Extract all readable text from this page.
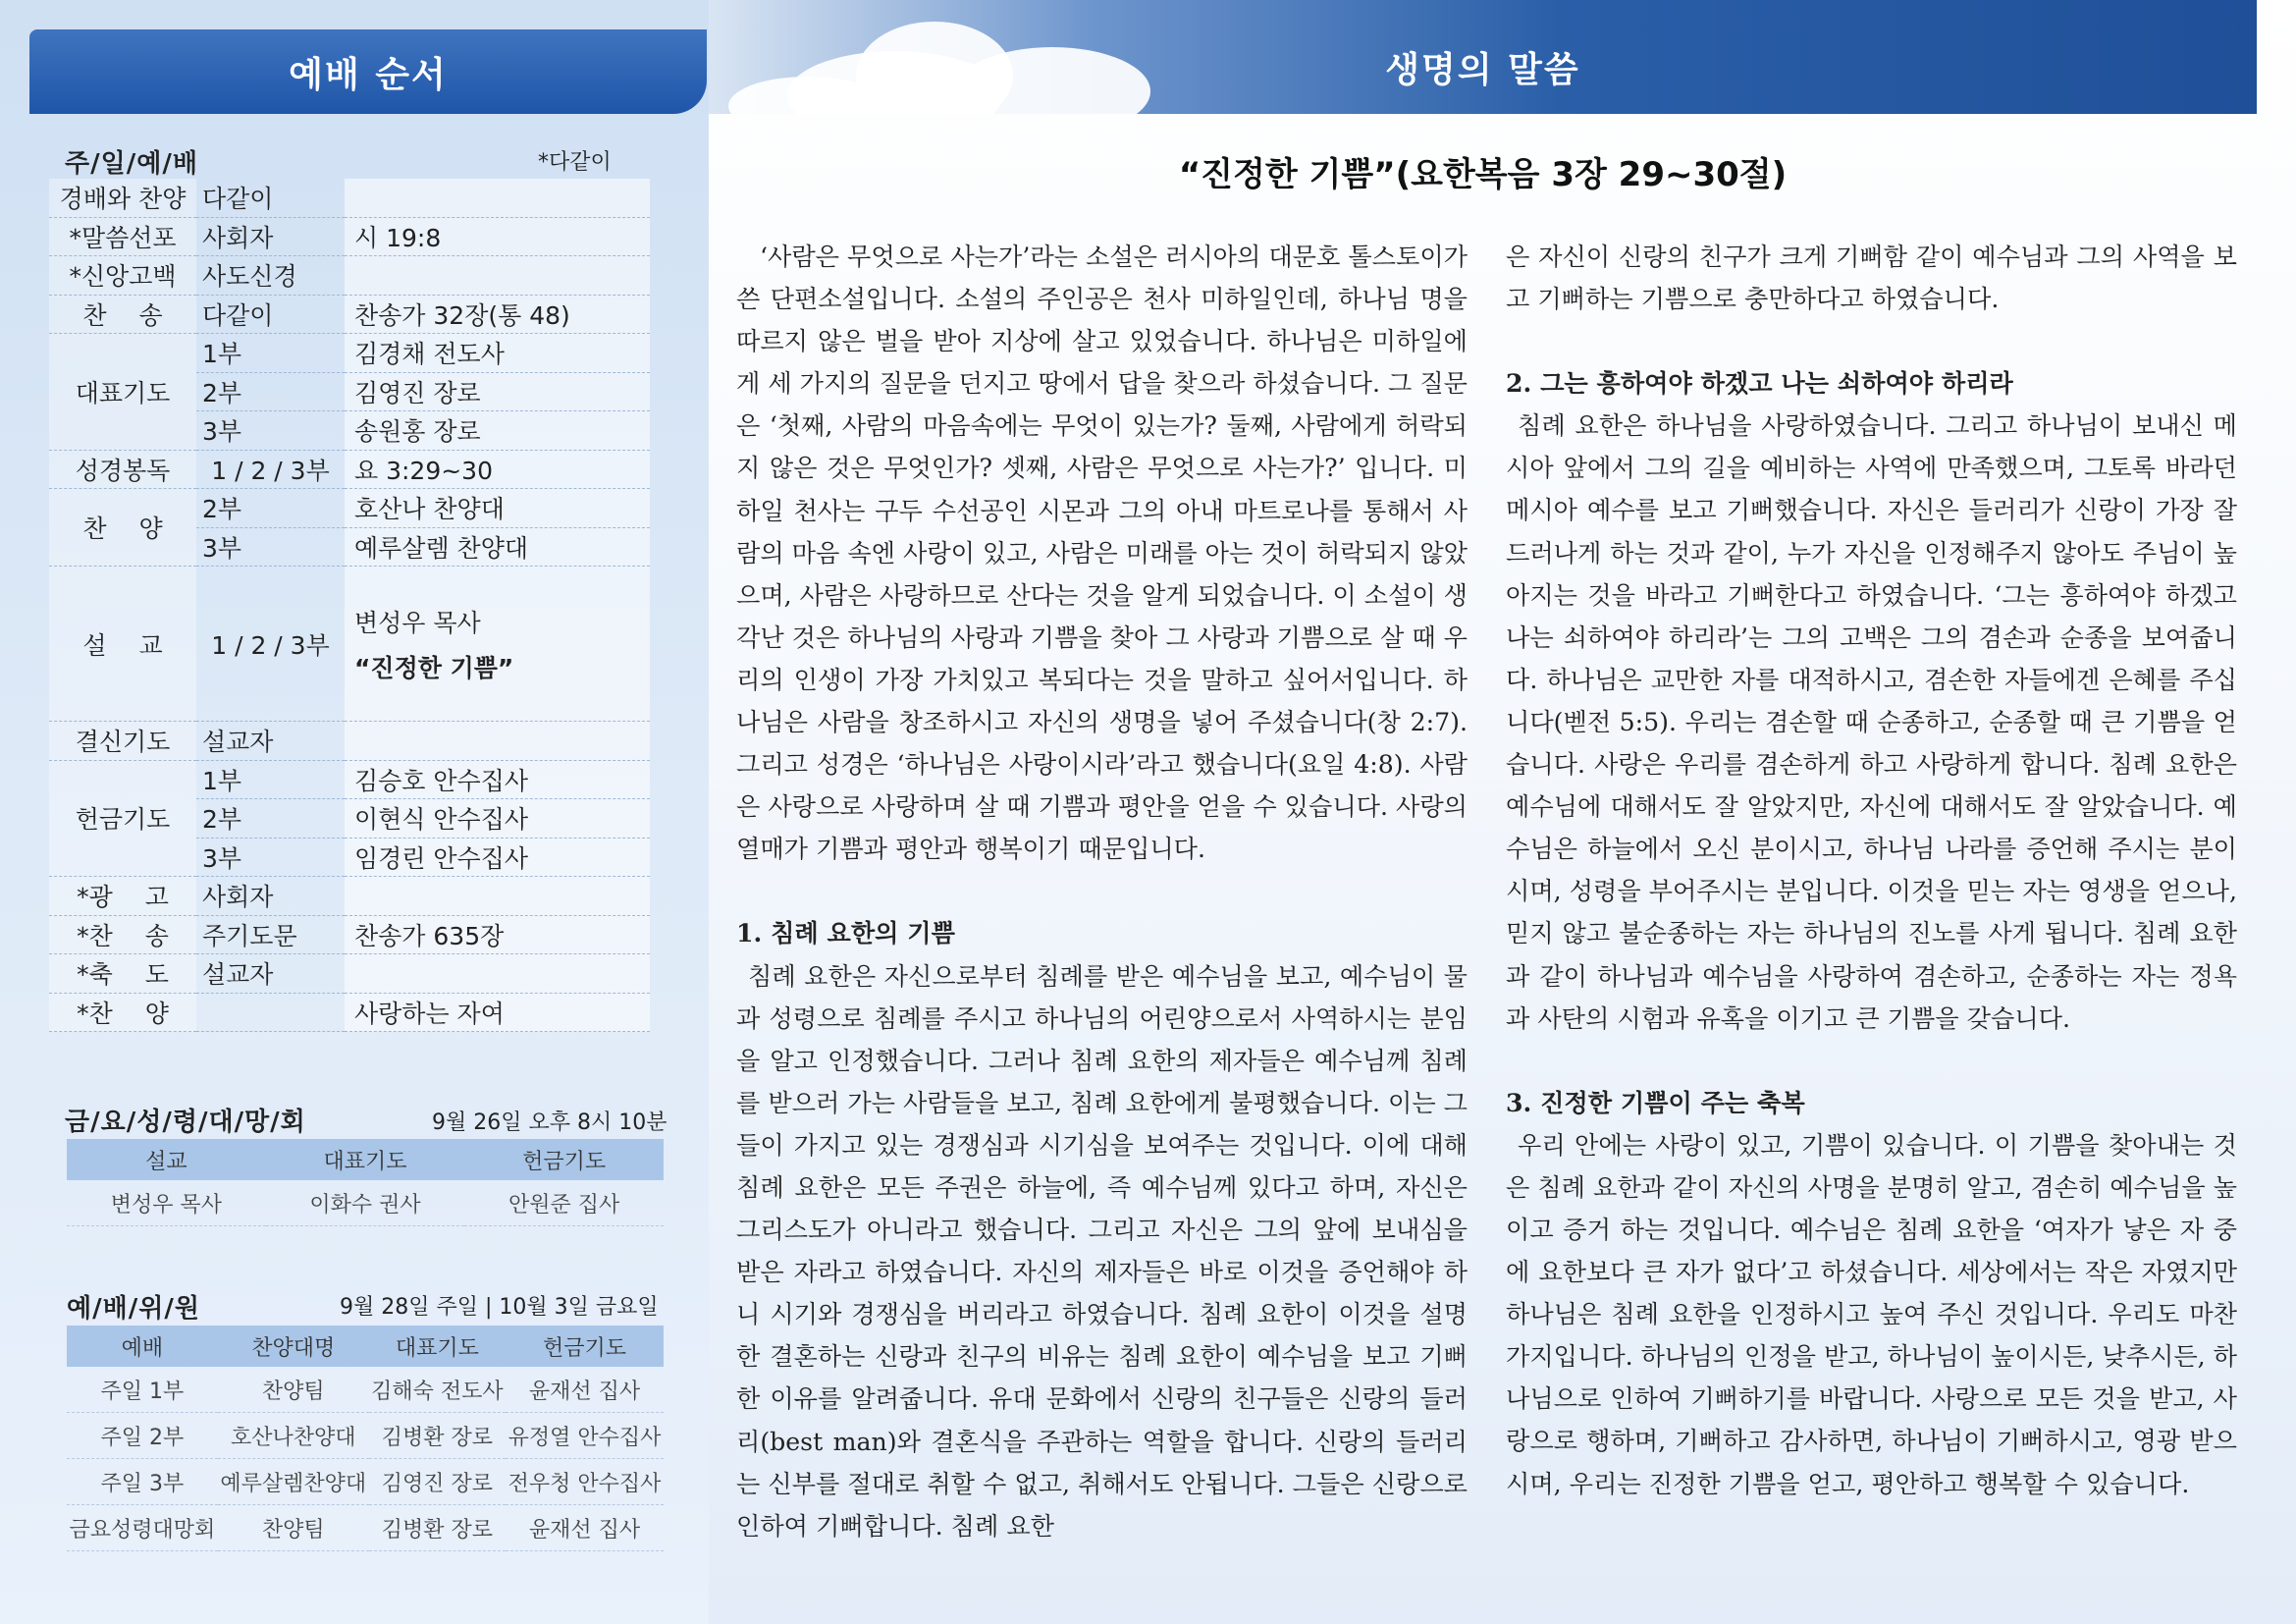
예배 순서	생명의 말씀
주/일/예/배	*다같이
경배와 찬양	다같이	
*말씀선포	사회자	시 19:8
*신앙고백	사도신경	
찬　 송	다같이	찬송가 32장(통 48)
대표기도	1부	김경채 전도사
	2부	김영진 장로
	3부	송원홍 장로
성경봉독	1 / 2 / 3부	요 3:29~30
찬　 양	2부	호산나 찬양대
	3부	예루살렘 찬양대
설　 교	1 / 2 / 3부	변성우 목사
“진정한 기쁨”

결신기도	설교자	
헌금기도	1부	김승호 안수집사
	2부	이현식 안수집사
	3부	임경린 안수집사
*광　 고	사회자	
*찬　 송	주기도문	찬송가 635장
*축　 도	설교자	
*찬　 양		사랑하는 자여
금/요/성/령/대/망/회	9월 26일 오후 8시 10분
설교	대표기도	헌금기도
변성우 목사	이화수 권사	안원준 집사
예/배/위/원	9월 28일 주일 | 10월 3일 금요일
예배	찬양대명	대표기도	헌금기도
주일 1부	찬양팀	김해숙 전도사	윤재선 집사
주일 2부	호산나찬양대	김병환 장로	유정열 안수집사
주일 3부	예루살렘찬양대	김영진 장로	전우청 안수집사
금요성령대망회	찬양팀	김병환 장로	윤재선 집사
“진정한 기쁨”(요한복음 3장 29~30절)

‘사람은 무엇으로 사는가’라는 소설은 러시아의 대문호 톨스토이가 쓴 단편소설입니다. 소설의 주인공은 천사 미하일인데, 하나님 명을 따르지 않은 벌을 받아 지상에 살고 있었습니다. 하나님은 미하일에게 세 가지의 질문을 던지고 땅에서 답을 찾으라 하셨습니다. 그 질문은 ‘첫째, 사람의 마음속에는 무엇이 있는가? 둘째, 사람에게 허락되지 않은 것은 무엇인가? 셋째, 사람은 무엇으로 사는가?’ 입니다. 미하일 천사는 구두 수선공인 시몬과 그의 아내 마트로나를 통해서 사람의 마음 속엔 사랑이 있고, 사람은 미래를 아는 것이 허락되지 않았으며, 사람은 사랑하므로 산다는 것을 알게 되었습니다. 이 소설이 생각난 것은 하나님의 사랑과 기쁨을 찾아 그 사랑과 기쁨으로 살 때 우리의 인생이 가장 가치있고 복되다는 것을 말하고 싶어서입니다. 하나님은 사람을 창조하시고 자신의 생명을 넣어 주셨습니다(창 2:7). 그리고 성경은 ‘하나님은 사랑이시라’라고 했습니다(요일 4:8). 사람은 사랑으로 사랑하며 살 때 기쁨과 평안을 얻을 수 있습니다. 사랑의 열매가 기쁨과 평안과 행복이기 때문입니다.

1. 침례 요한의 기쁨

침례 요한은 자신으로부터 침례를 받은 예수님을 보고, 예수님이 물과 성령으로 침례를 주시고 하나님의 어린양으로서 사역하시는 분임을 알고 인정했습니다. 그러나 침례 요한의 제자들은 예수님께 침례를 받으러 가는 사람들을 보고, 침례 요한에게 불평했습니다. 이는 그들이 가지고 있는 경쟁심과 시기심을 보여주는 것입니다. 이에 대해 침례 요한은 모든 주권은 하늘에, 즉 예수님께 있다고 하며, 자신은 그리스도가 아니라고 했습니다. 그리고 자신은 그의 앞에 보내심을 받은 자라고 하였습니다. 자신의 제자들은 바로 이것을 증언해야 하니 시기와 경쟁심을 버리라고 하였습니다. 침례 요한이 이것을 설명한 결혼하는 신랑과 친구의 비유는 침례 요한이 예수님을 보고 기뻐한 이유를 알려줍니다. 유대 문화에서 신랑의 친구들은 신랑의 들러리(best man)와 결혼식을 주관하는 역할을 합니다. 신랑의 들러리는 신부를 절대로 취할 수 없고, 취해서도 안됩니다. 그들은 신랑으로 인하여 기뻐합니다. 침례 요한

은 자신이 신랑의 친구가 크게 기뻐함 같이 예수님과 그의 사역을 보고 기뻐하는 기쁨으로 충만하다고 하였습니다.

2. 그는 흥하여야 하겠고 나는 쇠하여야 하리라

침례 요한은 하나님을 사랑하였습니다. 그리고 하나님이 보내신 메시아 앞에서 그의 길을 예비하는 사역에 만족했으며, 그토록 바라던 메시아 예수를 보고 기뻐했습니다. 자신은 들러리가 신랑이 가장 잘 드러나게 하는 것과 같이, 누가 자신을 인정해주지 않아도 주님이 높아지는 것을 바라고 기뻐한다고 하였습니다. ‘그는 흥하여야 하겠고 나는 쇠하여야 하리라’는 그의 고백은 그의 겸손과 순종을 보여줍니다. 하나님은 교만한 자를 대적하시고, 겸손한 자들에겐 은혜를 주십니다(벧전 5:5). 우리는 겸손할 때 순종하고, 순종할 때 큰 기쁨을 얻습니다. 사랑은 우리를 겸손하게 하고 사랑하게 합니다. 침례 요한은 예수님에 대해서도 잘 알았지만, 자신에 대해서도 잘 알았습니다. 예수님은 하늘에서 오신 분이시고, 하나님 나라를 증언해 주시는 분이시며, 성령을 부어주시는 분입니다. 이것을 믿는 자는 영생을 얻으나, 믿지 않고 불순종하는 자는 하나님의 진노를 사게 됩니다. 침례 요한과 같이 하나님과 예수님을 사랑하여 겸손하고, 순종하는 자는 정욕과 사탄의 시험과 유혹을 이기고 큰 기쁨을 갖습니다.

3. 진정한 기쁨이 주는 축복

우리 안에는 사랑이 있고, 기쁨이 있습니다. 이 기쁨을 찾아내는 것은 침례 요한과 같이 자신의 사명을 분명히 알고, 겸손히 예수님을 높이고 증거 하는 것입니다. 예수님은 침례 요한을 ‘여자가 낳은 자 중에 요한보다 큰 자가 없다’고 하셨습니다. 세상에서는 작은 자였지만 하나님은 침례 요한을 인정하시고 높여 주신 것입니다. 우리도 마찬가지입니다. 하나님의 인정을 받고, 하나님이 높이시든, 낮추시든, 하나님으로 인하여 기뻐하기를 바랍니다. 사랑으로 모든 것을 받고, 사랑으로 행하며, 기뻐하고 감사하면, 하나님이 기뻐하시고, 영광 받으시며, 우리는 진정한 기쁨을 얻고, 평안하고 행복할 수 있습니다.
